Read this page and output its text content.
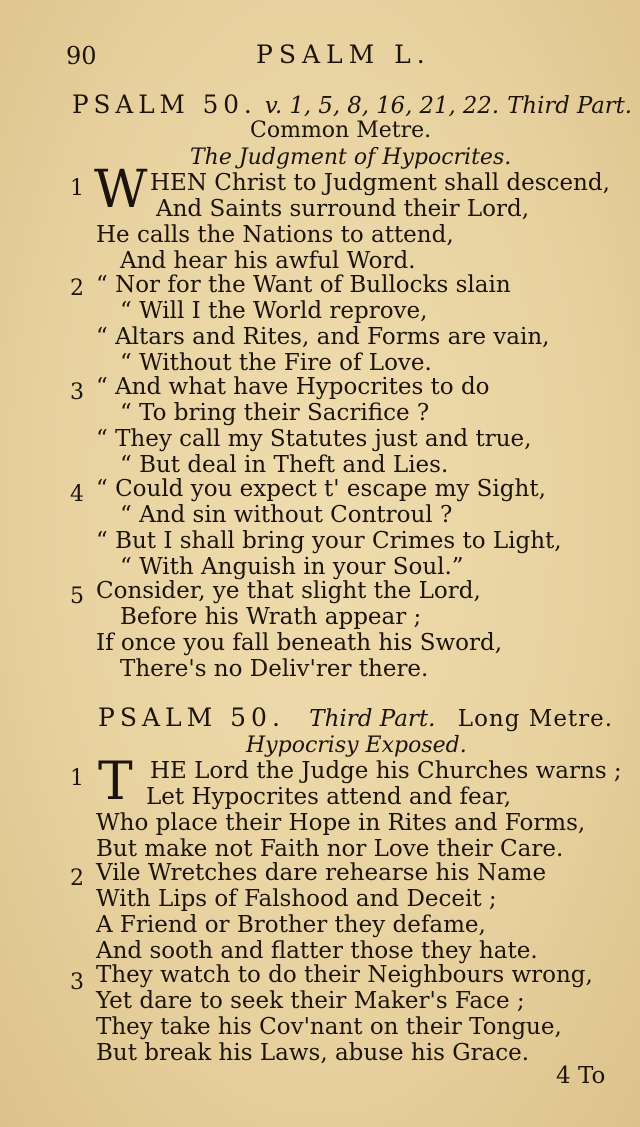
90	PSALM L.
PSALM 50. v. 1, 5, 8, 16, 21, 22. Third Part.
Common Metre.
The Judgment of Hypocrites.
1 W HEN Christ to Judgment shall descend,
And Saints surround their Lord,
He calls the Nations to attend,
And hear his awful Word.
2 “ Nor for the Want of Bullocks slain
“ Will I the World reprove,
“ Altars and Rites, and Forms are vain,
“ Without the Fire of Love.
3 “ And what have Hypocrites to do
“ To bring their Sacrifice ?
“ They call my Statutes just and true,
“ But deal in Theft and Lies.
4 “ Could you expect t' escape my Sight,
“ And sin without Controul ?
“ But I shall bring your Crimes to Light,
“ With Anguish in your Soul.”
5 Consider, ye that slight the Lord,
Before his Wrath appear ;
If once you fall beneath his Sword,
There's no Deliv'rer there.
PSALM 50. Third Part. Long Metre.
Hypocrisy Exposed.
1 T HE Lord the Judge his Churches warns ;
Let Hypocrites attend and fear,
Who place their Hope in Rites and Forms,
But make not Faith nor Love their Care.
2 Vile Wretches dare rehearse his Name
With Lips of Falshood and Deceit ;
A Friend or Brother they defame,
And sooth and flatter those they hate.
3 They watch to do their Neighbours wrong,
Yet dare to seek their Maker's Face ;
They take his Cov'nant on their Tongue,
But break his Laws, abuse his Grace.
4 To
